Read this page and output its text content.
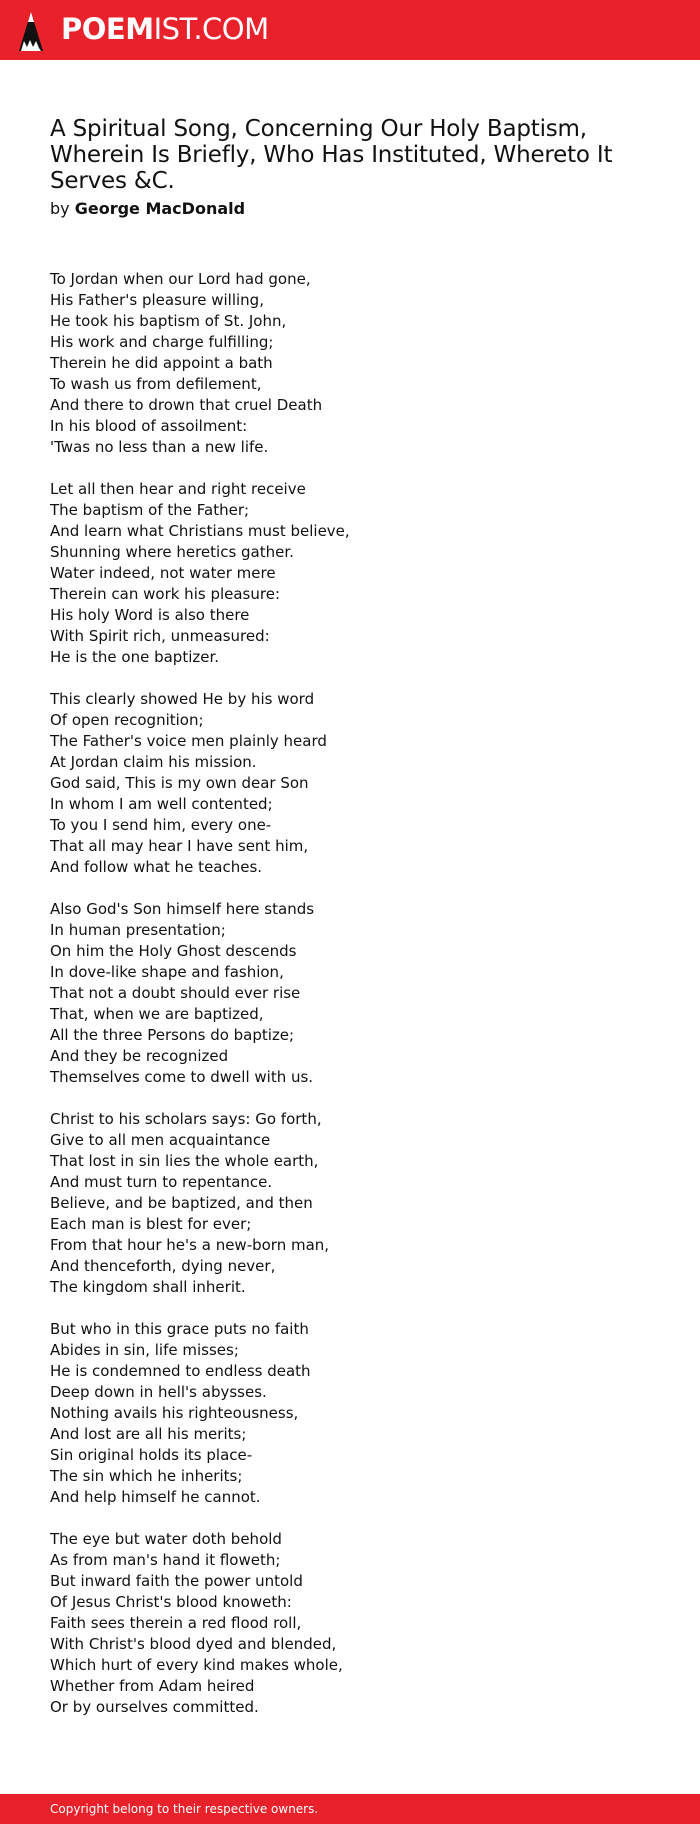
POEM IST.COM
A Spiritual Song, Concerning Our Holy Baptism, Wherein Is Briefly, Who Has Instituted, Whereto It Serves &C.
by George MacDonald
To Jordan when our Lord had gone,
His Father's pleasure willing,
He took his baptism of St. John,
His work and charge fulfilling;
Therein he did appoint a bath
To wash us from defilement,
And there to drown that cruel Death
In his blood of assoilment:
'Twas no less than a new life.
Let all then hear and right receive
The baptism of the Father;
And learn what Christians must believe,
Shunning where heretics gather.
Water indeed, not water mere
Therein can work his pleasure:
His holy Word is also there
With Spirit rich, unmeasured:
He is the one baptizer.
This clearly showed He by his word
Of open recognition;
The Father's voice men plainly heard
At Jordan claim his mission.
God said, This is my own dear Son
In whom I am well contented;
To you I send him, every one-
That all may hear I have sent him,
And follow what he teaches.
Also God's Son himself here stands
In human presentation;
On him the Holy Ghost descends
In dove-like shape and fashion,
That not a doubt should ever rise
That, when we are baptized,
All the three Persons do baptize;
And they be recognized
Themselves come to dwell with us.
Christ to his scholars says: Go forth,
Give to all men acquaintance
That lost in sin lies the whole earth,
And must turn to repentance.
Believe, and be baptized, and then
Each man is blest for ever;
From that hour he's a new-born man,
And thenceforth, dying never,
The kingdom shall inherit.
But who in this grace puts no faith
Abides in sin, life misses;
He is condemned to endless death
Deep down in hell's abysses.
Nothing avails his righteousness,
And lost are all his merits;
Sin original holds its place-
The sin which he inherits;
And help himself he cannot.
The eye but water doth behold
As from man's hand it floweth;
But inward faith the power untold
Of Jesus Christ's blood knoweth:
Faith sees therein a red flood roll,
With Christ's blood dyed and blended,
Which hurt of every kind makes whole,
Whether from Adam heired
Or by ourselves committed.
Copyright belong to their respective owners.
